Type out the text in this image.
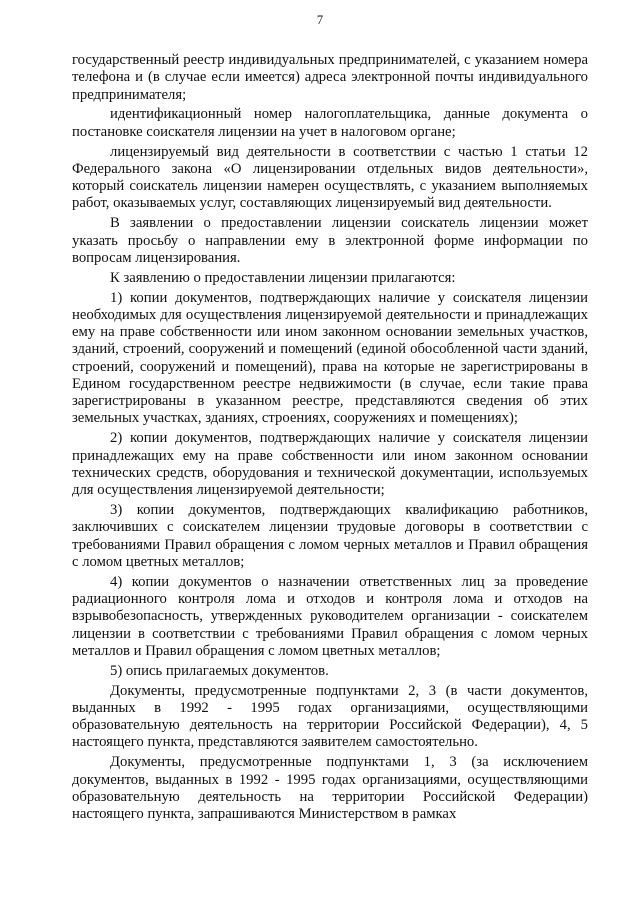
7

государственный реестр индивидуальных предпринимателей, с указанием номера телефона и (в случае если имеется) адреса электронной почты индивидуального предпринимателя;

идентификационный номер налогоплательщика, данные документа о постановке соискателя лицензии на учет в налоговом органе;

лицензируемый вид деятельности в соответствии с частью 1 статьи 12 Федерального закона «О лицензировании отдельных видов деятельности», который соискатель лицензии намерен осуществлять, с указанием выполняемых работ, оказываемых услуг, составляющих лицензируемый вид деятельности.

В заявлении о предоставлении лицензии соискатель лицензии может указать просьбу о направлении ему в электронной форме информации по вопросам лицензирования.

К заявлению о предоставлении лицензии прилагаются:

1) копии документов, подтверждающих наличие у соискателя лицензии необходимых для осуществления лицензируемой деятельности и принадлежащих ему на праве собственности или ином законном основании земельных участков, зданий, строений, сооружений и помещений (единой обособленной части зданий, строений, сооружений и помещений), права на которые не зарегистрированы в Едином государственном реестре недвижимости (в случае, если такие права зарегистрированы в указанном реестре, представляются сведения об этих земельных участках, зданиях, строениях, сооружениях и помещениях);

2) копии документов, подтверждающих наличие у соискателя лицензии принадлежащих ему на праве собственности или ином законном основании технических средств, оборудования и технической документации, используемых для осуществления лицензируемой деятельности;

3) копии документов, подтверждающих квалификацию работников, заключивших с соискателем лицензии трудовые договоры в соответствии с требованиями Правил обращения с ломом черных металлов и Правил обращения с ломом цветных металлов;

4) копии документов о назначении ответственных лиц за проведение радиационного контроля лома и отходов и контроля лома и отходов на взрывобезопасность, утвержденных руководителем организации - соискателем лицензии в соответствии с требованиями Правил обращения с ломом черных металлов и Правил обращения с ломом цветных металлов;

5) опись прилагаемых документов.

Документы, предусмотренные подпунктами 2, 3 (в части документов, выданных в 1992 - 1995 годах организациями, осуществляющими образовательную деятельность на территории Российской Федерации), 4, 5 настоящего пункта, представляются заявителем самостоятельно.

Документы, предусмотренные подпунктами 1, 3 (за исключением документов, выданных в 1992 - 1995 годах организациями, осуществляющими образовательную деятельность на территории Российской Федерации) настоящего пункта, запрашиваются Министерством в рамках
